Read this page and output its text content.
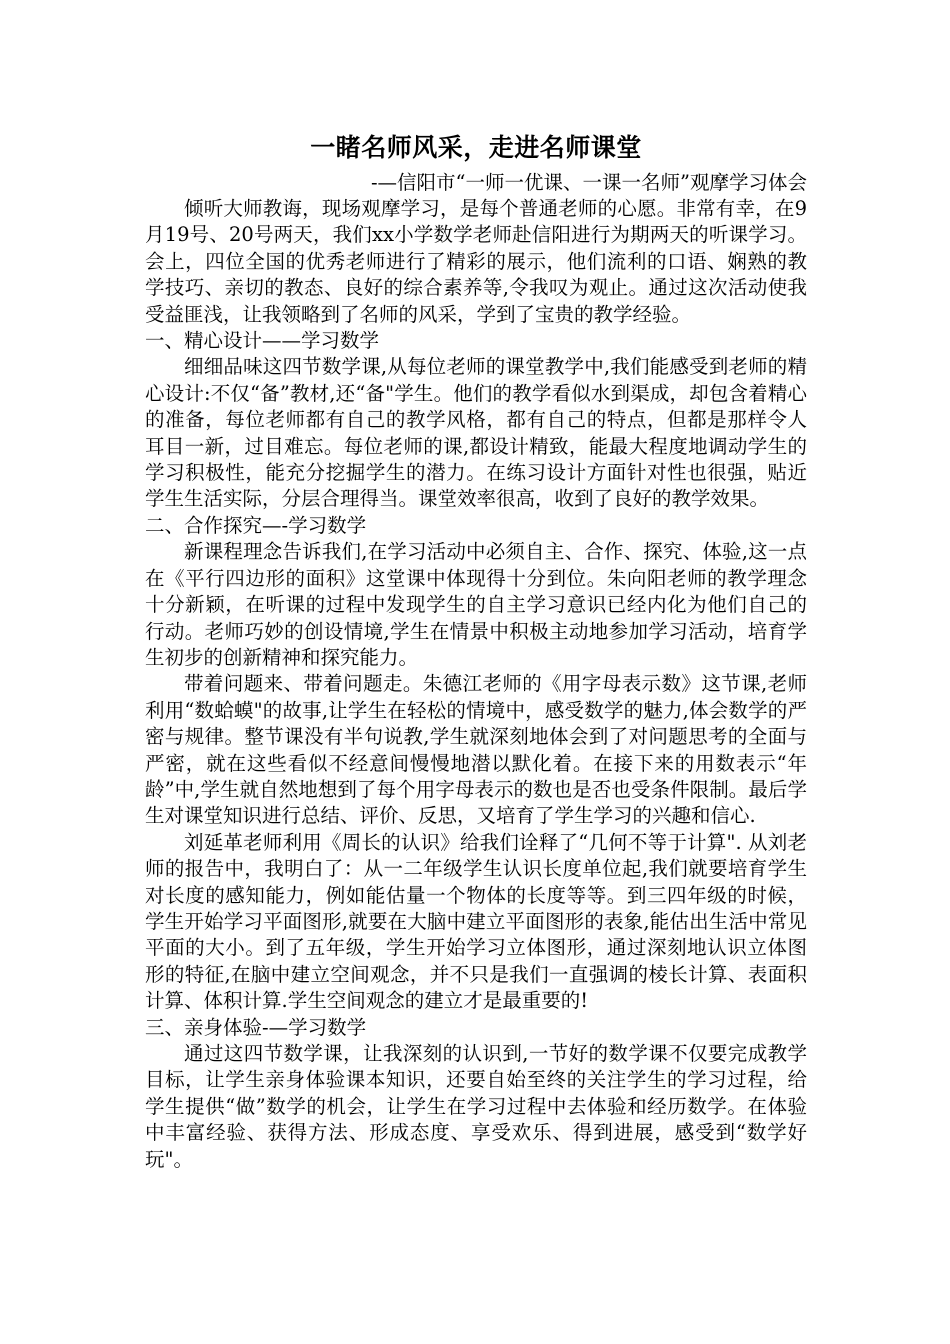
一睹名师风采，走进名师课堂

-—信阳市“一师一优课、一课一名师”观摩学习体会

倾听大师教诲，现场观摩学习，是每个普通老师的心愿。非常有幸，在9月19号、20号两天，我们xx小学数学老师赴信阳进行为期两天的听课学习。会上，四位全国的优秀老师进行了精彩的展示，他们流利的口语、娴熟的教学技巧、亲切的教态、良好的综合素养等,令我叹为观止。通过这次活动使我受益匪浅，让我领略到了名师的风采，学到了宝贵的教学经验。

一、精心设计——学习数学

细细品味这四节数学课,从每位老师的课堂教学中,我们能感受到老师的精心设计:不仅“备”教材,还“备"学生。他们的教学看似水到渠成，却包含着精心的准备，每位老师都有自己的教学风格，都有自己的特点，但都是那样令人耳目一新，过目难忘。每位老师的课,都设计精致，能最大程度地调动学生的学习积极性，能充分挖掘学生的潜力。在练习设计方面针对性也很强，贴近学生生活实际，分层合理得当。课堂效率很高，收到了良好的教学效果。

二、合作探究—-学习数学

新课程理念告诉我们,在学习活动中必须自主、合作、探究、体验,这一点在《平行四边形的面积》这堂课中体现得十分到位。朱向阳老师的教学理念十分新颖，在听课的过程中发现学生的自主学习意识已经内化为他们自己的行动。老师巧妙的创设情境,学生在情景中积极主动地参加学习活动，培育学生初步的创新精神和探究能力。

带着问题来、带着问题走。朱德江老师的《用字母表示数》这节课,老师利用“数蛤蟆"的故事,让学生在轻松的情境中，感受数学的魅力,体会数学的严密与规律。整节课没有半句说教,学生就深刻地体会到了对问题思考的全面与严密，就在这些看似不经意间慢慢地潜以默化着。在接下来的用数表示“年龄”中,学生就自然地想到了每个用字母表示的数也是否也受条件限制。最后学生对课堂知识进行总结、评价、反思，又培育了学生学习的兴趣和信心.

刘延革老师利用《周长的认识》给我们诠释了“几何不等于计算". 从刘老师的报告中，我明白了：从一二年级学生认识长度单位起,我们就要培育学生对长度的感知能力，例如能估量一个物体的长度等等。到三四年级的时候，学生开始学习平面图形,就要在大脑中建立平面图形的表象,能估出生活中常见平面的大小。到了五年级，学生开始学习立体图形，通过深刻地认识立体图形的特征,在脑中建立空间观念，并不只是我们一直强调的棱长计算、表面积计算、体积计算.学生空间观念的建立才是最重要的!

三、亲身体验-—学习数学

通过这四节数学课，让我深刻的认识到,一节好的数学课不仅要完成教学目标，让学生亲身体验课本知识，还要自始至终的关注学生的学习过程，给学生提供“做”数学的机会，让学生在学习过程中去体验和经历数学。在体验中丰富经验、获得方法、形成态度、享受欢乐、得到进展，感受到“数学好玩"。
